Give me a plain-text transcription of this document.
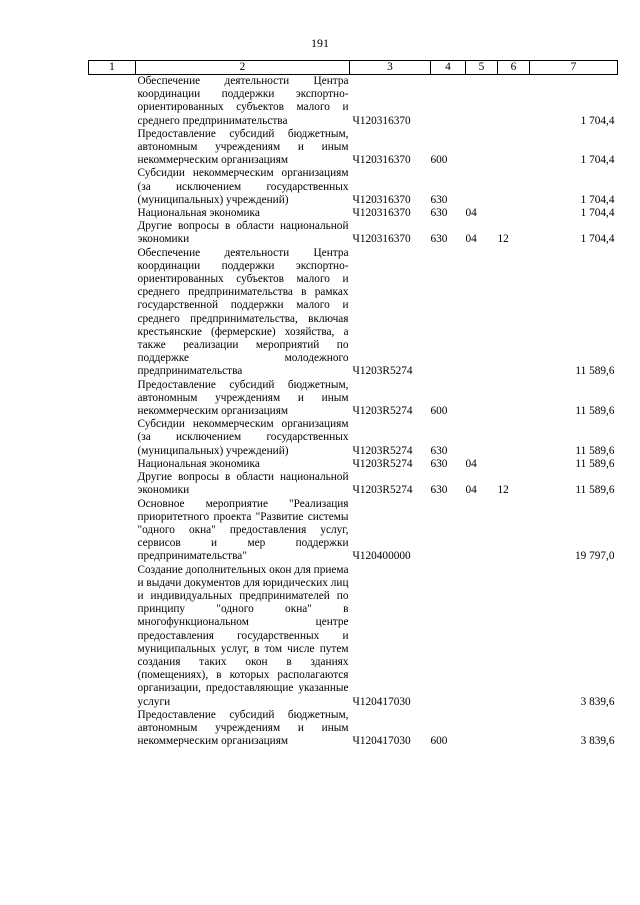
191
1	2	3	4	5	6	7
	Обеспечение деятельности Центра координации поддержки экспортно-ориентированных субъектов малого и среднего предпринимательства	Ч120316370				1 704,4
	Предоставление субсидий бюджетным, автономным учреждениям и иным некоммерческим организациям	Ч120316370	600			1 704,4
	Субсидии некоммерческим организациям (за исключением государственных (муниципальных) учреждений)	Ч120316370	630			1 704,4
	Национальная экономика	Ч120316370	630	04		1 704,4
	Другие вопросы в области национальной экономики	Ч120316370	630	04	12	1 704,4
	Обеспечение деятельности Центра координации поддержки экспортно-ориентированных субъектов малого и среднего предпринимательства в рамках государственной поддержки малого и среднего предпринимательства, включая крестьянские (фермерские) хозяйства, а также реализации мероприятий по поддержке молодежного предпринимательства	Ч1203R5274				11 589,6
	Предоставление субсидий бюджетным, автономным учреждениям и иным некоммерческим организациям	Ч1203R5274	600			11 589,6
	Субсидии некоммерческим организациям (за исключением государственных (муниципальных) учреждений)	Ч1203R5274	630			11 589,6
	Национальная экономика	Ч1203R5274	630	04		11 589,6
	Другие вопросы в области национальной экономики	Ч1203R5274	630	04	12	11 589,6
	Основное мероприятие "Реализация приоритетного проекта "Развитие системы "одного окна" предоставления услуг, сервисов и мер поддержки предпринимательства"	Ч120400000				19 797,0
	Создание дополнительных окон для приема и выдачи документов для юридических лиц и индивидуальных предпринимателей по принципу "одного окна" в многофункциональном центре предоставления государственных и муниципальных услуг, в том числе путем создания таких окон в зданиях (помещениях), в которых располагаются организации, предоставляющие указанные услуги	Ч120417030				3 839,6
	Предоставление субсидий бюджетным, автономным учреждениям и иным некоммерческим организациям	Ч120417030	600			3 839,6
